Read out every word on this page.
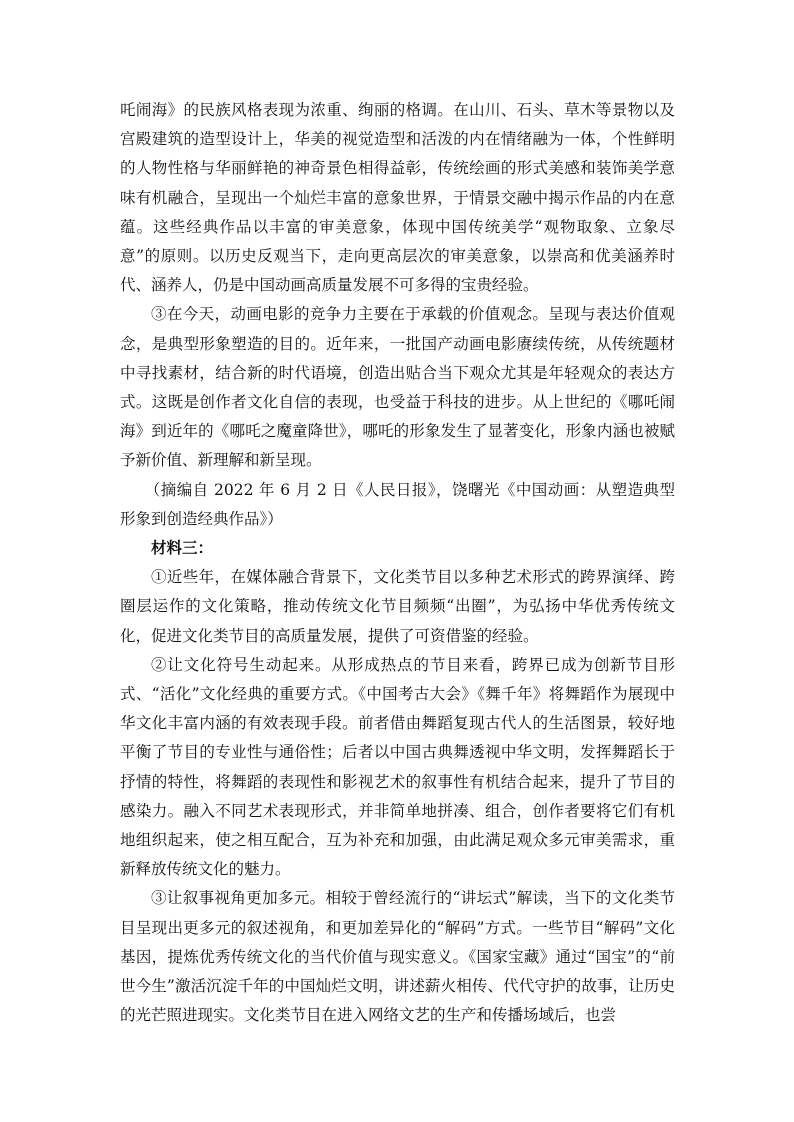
吒闹海》的民族风格表现为浓重、绚丽的格调。在山川、石头、草木等景物以及宫殿建筑的造型设计上，华美的视觉造型和活泼的内在情绪融为一体，个性鲜明的人物性格与华丽鲜艳的神奇景色相得益彰，传统绘画的形式美感和装饰美学意味有机融合，呈现出一个灿烂丰富的意象世界，于情景交融中揭示作品的内在意蕴。这些经典作品以丰富的审美意象，体现中国传统美学“观物取象、立象尽意”的原则。以历史反观当下，走向更高层次的审美意象，以崇高和优美涵养时代、涵养人，仍是中国动画高质量发展不可多得的宝贵经验。

③在今天，动画电影的竞争力主要在于承载的价值观念。呈现与表达价值观念，是典型形象塑造的目的。近年来，一批国产动画电影赓续传统，从传统题材中寻找素材，结合新的时代语境，创造出贴合当下观众尤其是年轻观众的表达方式。这既是创作者文化自信的表现，也受益于科技的进步。从上世纪的《哪吒闹海》到近年的《哪吒之魔童降世》，哪吒的形象发生了显著变化，形象内涵也被赋予新价值、新理解和新呈现。

（摘编自 2022 年 6 月 2 日《人民日报》，饶曙光《中国动画：从塑造典型形象到创造经典作品》）

材料三：

①近些年，在媒体融合背景下，文化类节目以多种艺术形式的跨界演绎、跨圈层运作的文化策略，推动传统文化节目频频“出圈”，为弘扬中华优秀传统文化，促进文化类节目的高质量发展，提供了可资借鉴的经验。

②让文化符号生动起来。从形成热点的节目来看，跨界已成为创新节目形式、“活化”文化经典的重要方式。《中国考古大会》《舞千年》将舞蹈作为展现中华文化丰富内涵的有效表现手段。前者借由舞蹈复现古代人的生活图景，较好地平衡了节目的专业性与通俗性；后者以中国古典舞透视中华文明，发挥舞蹈长于抒情的特性，将舞蹈的表现性和影视艺术的叙事性有机结合起来，提升了节目的感染力。融入不同艺术表现形式，并非简单地拼凑、组合，创作者要将它们有机地组织起来，使之相互配合，互为补充和加强，由此满足观众多元审美需求，重新释放传统文化的魅力。

③让叙事视角更加多元。相较于曾经流行的“讲坛式”解读，当下的文化类节目呈现出更多元的叙述视角，和更加差异化的“解码”方式。一些节目“解码”文化基因，提炼优秀传统文化的当代价值与现实意义。《国家宝藏》通过“国宝”的“前世今生”激活沉淀千年的中国灿烂文明，讲述薪火相传、代代守护的故事，让历史的光芒照进现实。文化类节目在进入网络文艺的生产和传播场域后，也尝
